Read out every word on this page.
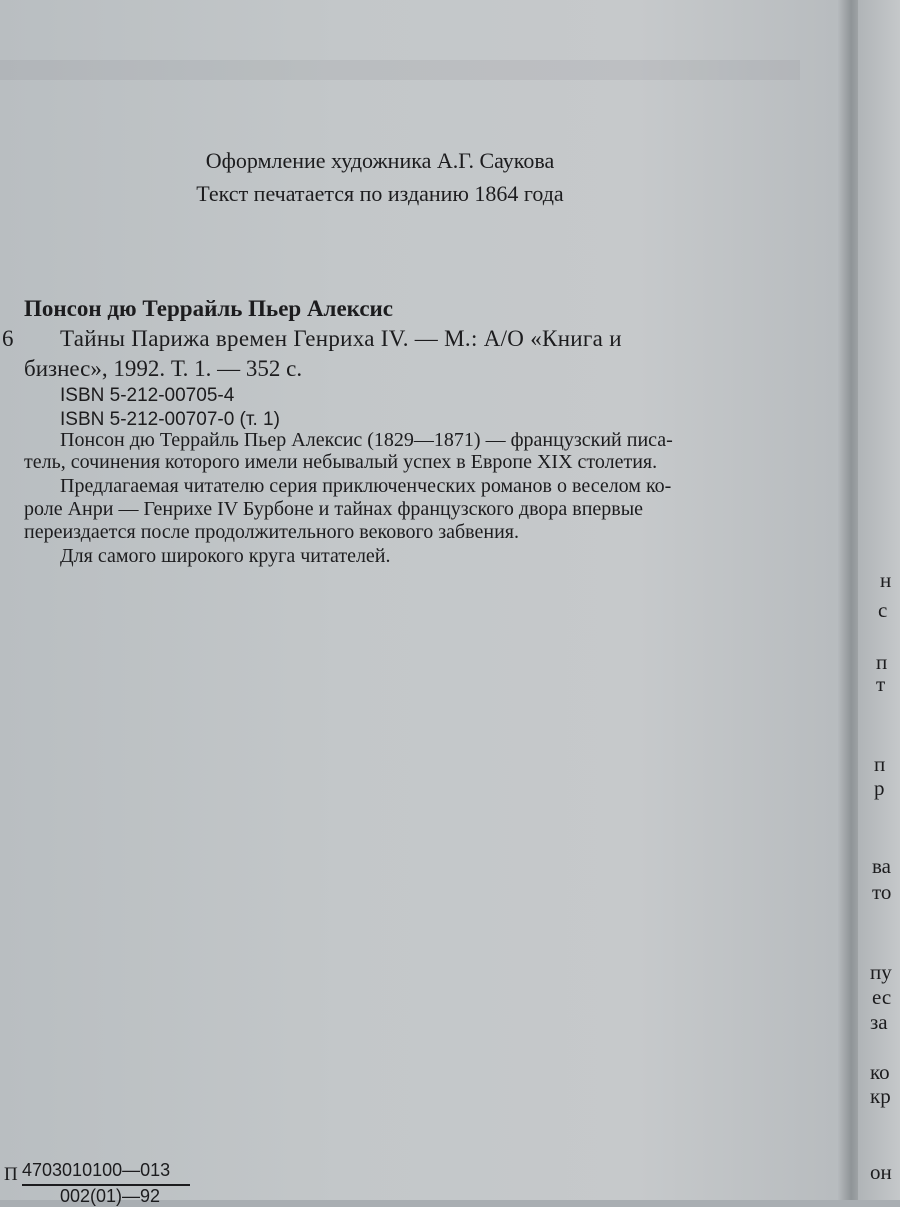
Оформление художника А.Г. Саукова
Текст печатается по изданию 1864 года
Понсон дю Террайль Пьер Алексис
6 Тайны Парижа времен Генриха IV. — М.: А/О «Книга и
бизнес», 1992. Т. 1. — 352 с.
ISBN 5-212-00705-4
ISBN 5-212-00707-0 (т. 1)
Понсон дю Террайль Пьер Алексис (1829—1871) — французский писа-
тель, сочинения которого имели небывалый успех в Европе XIX столетия.
Предлагаемая читателю серия приключенческих романов о веселом ко-
роле Анри — Генрихе IV Бурбоне и тайнах французского двора впервые
переиздается после продолжительного векового забвения.
Для самого широкого круга читателей.
П 4703010100—013
002(01)—92
н
с
п
т
п
р
ва
то
пу
ес
за
ко
кр
он
